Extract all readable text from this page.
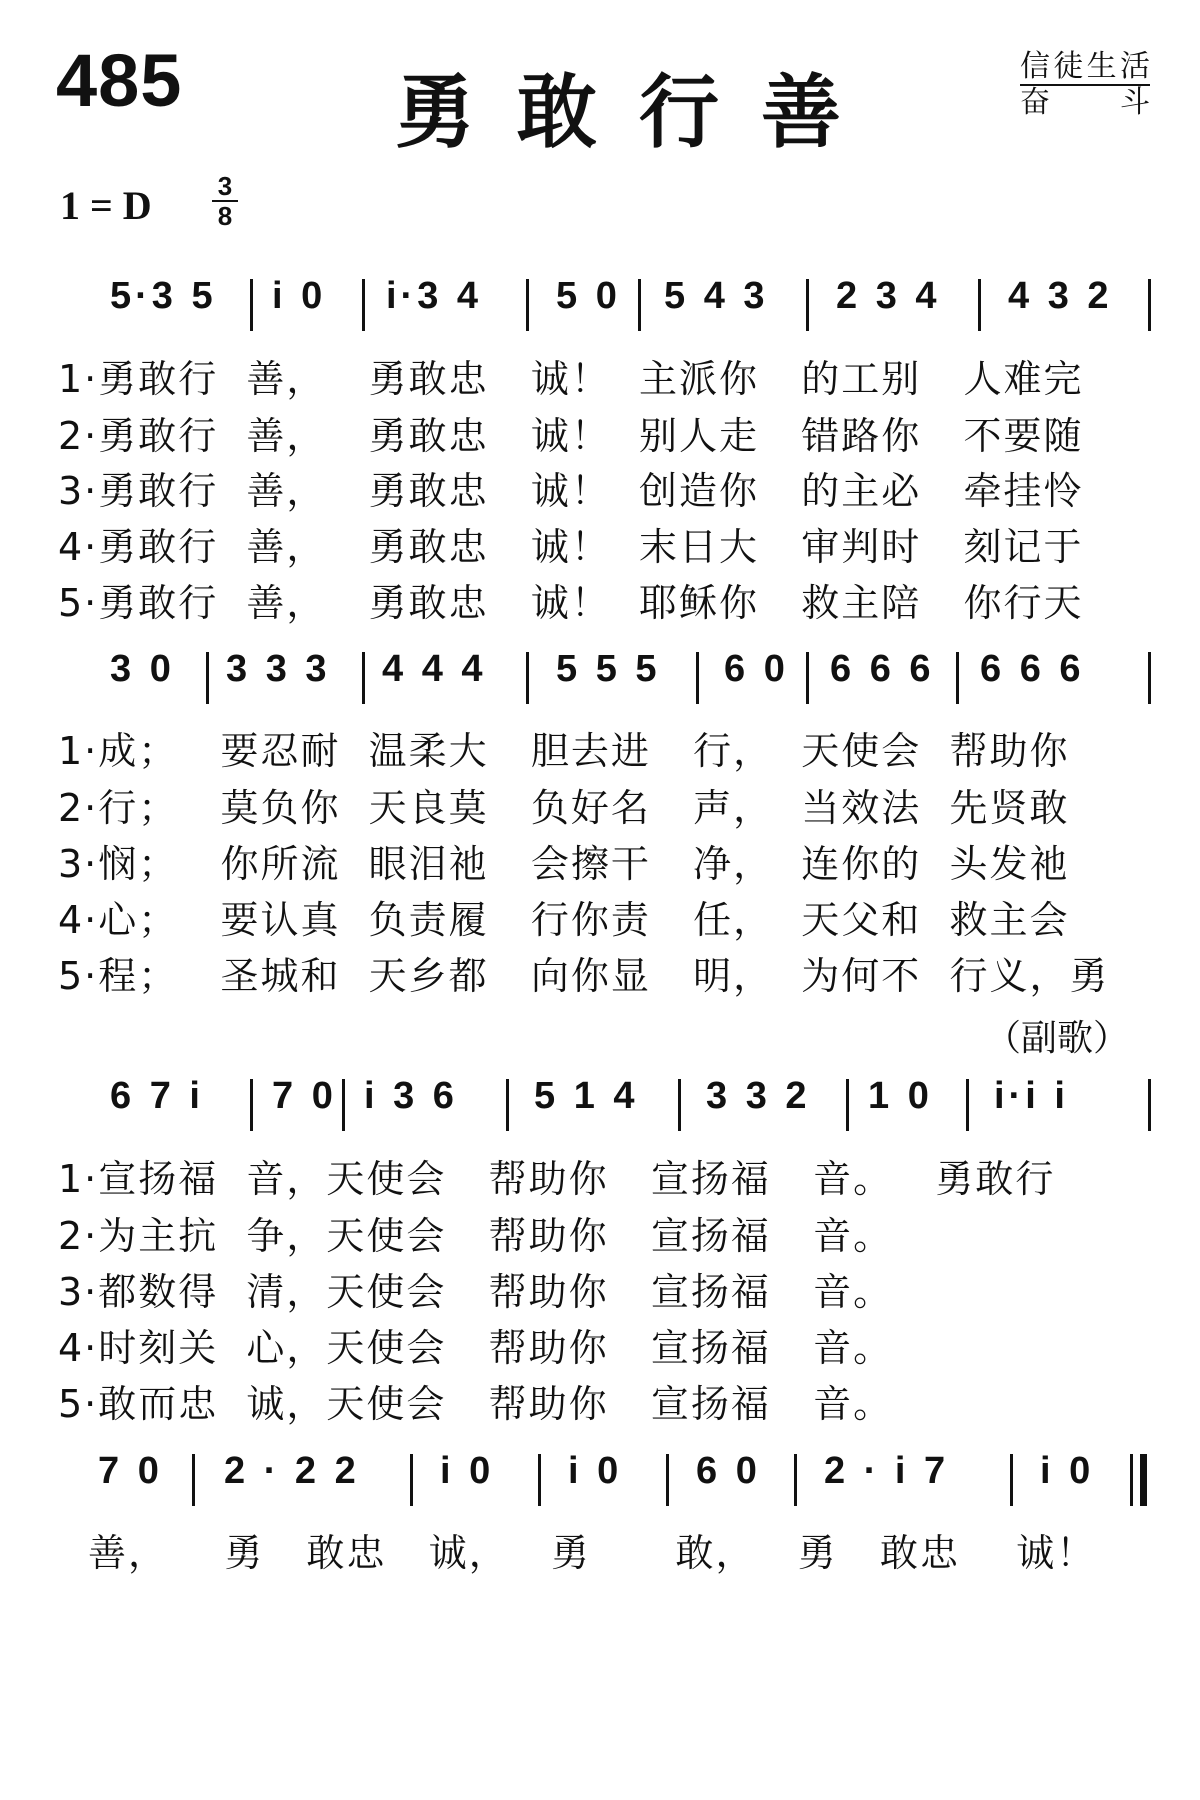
485	勇敢行善	信徒生活
奋 斗
1 = D	3
8
5·3 5 i 0 i·3 4 5 0 5 4 3 2 3 4 4 3 2
1·勇敢行  善，   勇敢忠   诚！  主派你   的工别   人难完
2·勇敢行  善，   勇敢忠   诚！  别人走   错路你   不要随
3·勇敢行  善，   勇敢忠   诚！  创造你   的主必   牵挂怜
4·勇敢行  善，   勇敢忠   诚！  末日大   审判时   刻记于
5·勇敢行  善，   勇敢忠   诚！  耶稣你   救主陪   你行天
3 0 3 3 3 4 4 4 5 5 5 6 0 6 6 6 6 6 6
1·成；   要忍耐  温柔大   胆去进   行，  天使会  帮助你
2·行；   莫负你  天良莫   负好名   声，  当效法  先贤敢
3·悯；   你所流  眼泪祂   会擦干   净，  连你的  头发祂
4·心；   要认真  负责履   行你责   任，  天父和  救主会
5·程；   圣城和  天乡都   向你显   明，  为何不  行义，勇
（副歌）
6 7 i 7 0 i 3 6 5 1 4 3 3 2 1 0 i·i i
1·宣扬福  音，天使会   帮助你   宣扬福   音。   勇敢行
2·为主抗  争，天使会   帮助你   宣扬福   音。
3·都数得  清，天使会   帮助你   宣扬福   音。
4·时刻关  心，天使会   帮助你   宣扬福   音。
5·敢而忠  诚，天使会   帮助你   宣扬福   音。
7 0 2 · 2 2 i 0 i 0 6 0 2 · i 7 i 0
善，    勇   敢忠   诚，   勇      敢，   勇   敢忠    诚！
